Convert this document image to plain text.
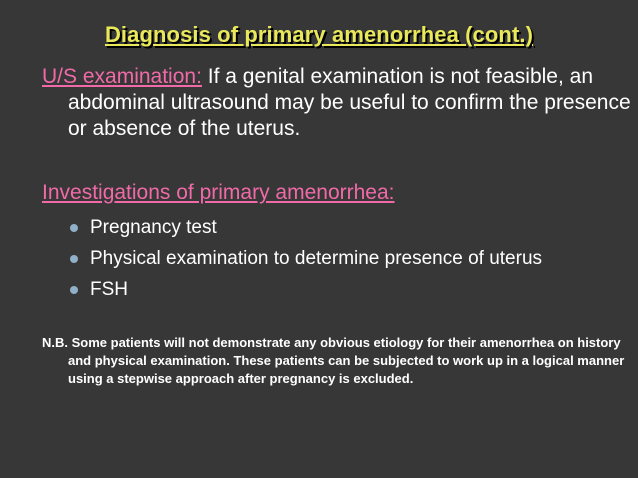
Diagnosis of primary amenorrhea (cont.)
U/S examination: If a genital examination is not feasible, an abdominal ultrasound may be useful to confirm the presence or absence of the uterus.
Investigations of primary amenorrhea:
Pregnancy test
Physical examination to determine presence of uterus
FSH
N.B. Some patients will not demonstrate any obvious etiology for their amenorrhea on history and physical examination. These patients can be subjected to work up in a logical manner using a stepwise approach after pregnancy is excluded.
